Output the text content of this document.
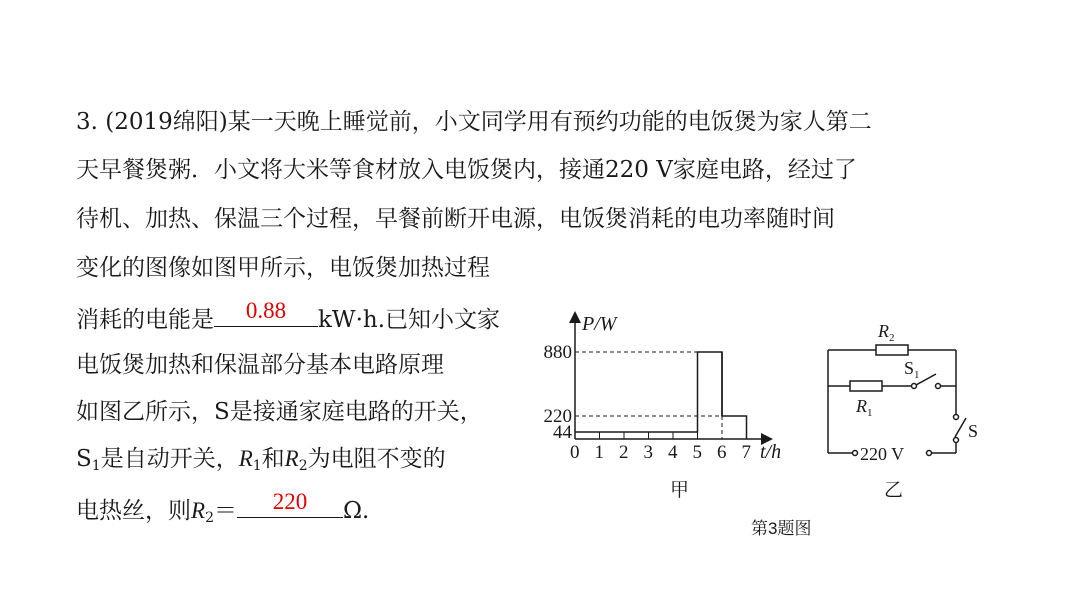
3. (2019绵阳)某一天晚上睡觉前，小文同学用有预约功能的电饭煲为家人第二
天早餐煲粥．小文将大米等食材放入电饭煲内，接通220 V家庭电路，经过了
待机、加热、保温三个过程，早餐前断开电源，电饭煲消耗的电功率随时间
变化的图像如图甲所示，电饭煲加热过程
消耗的电能是	0.88	kW·h.已知小文家
电饭煲加热和保温部分基本电路原理
如图乙所示，S是接通家庭电路的开关，
$S_1$是自动开关，$R_1$和$R_2$为电阻不变的
电热丝，则$R_2=$	220	Ω.
P/W
t/h
0 1 2 3 4 5 6 7
880
220
44
甲
$R_2$
$S_1$
$R_1$
S
220 V
乙
第3题图
